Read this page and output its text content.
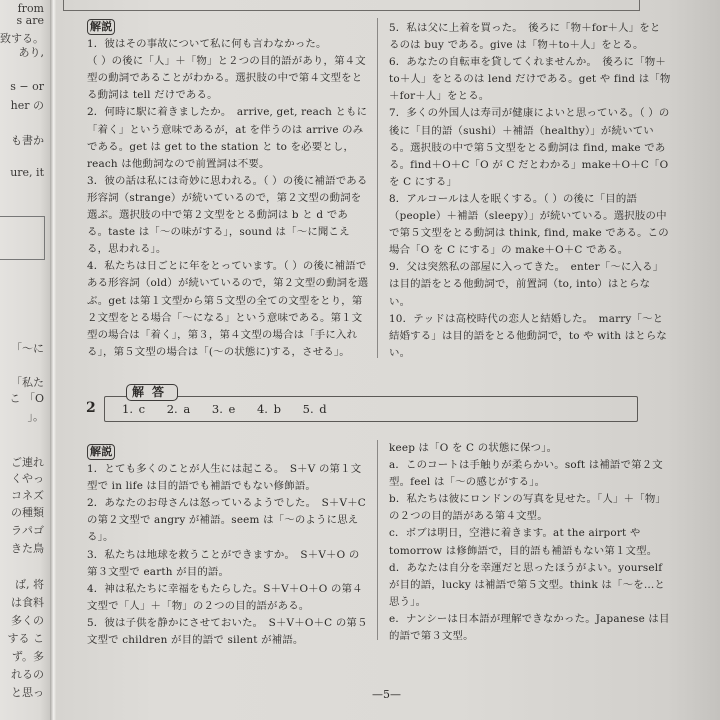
from
s are
致する。
あり,
s − or
her の
も書か
ure, it
「〜に
「私た
こ 「O
」。
ご連れ
くやっ
コネズ
の種類
ラパゴ
きた鳥
ば, 将
は食料
多くの
する こ
ず。多
れるの
と思っ
解説

1．彼はその事故について私に何も言わなかった。

（ ）の後に「人」＋「物」と２つの目的語があり，第４文型の動詞であることがわかる。選択肢の中で第４文型をとる動詞は tell だけである。

2．何時に駅に着きましたか。　arrive, get, reach ともに「着く」という意味であるが，at を伴うのは arrive のみである。get は get to the station と to を必要とし，reach は他動詞なので前置詞は不要。

3．彼の話は私には奇妙に思われる。（ ）の後に補語である形容詞（strange）が続いているので，第２文型の動詞を選ぶ。選択肢の中で第２文型をとる動詞は b と d である。taste は「〜の味がする」，sound は「〜に聞こえる，思われる」。

4．私たちは日ごとに年をとっています。（ ）の後に補語である形容詞（old）が続いているので，第２文型の動詞を選ぶ。get は第１文型から第５文型の全ての文型をとり，第２文型をとる場合「〜になる」という意味である。第１文型の場合は「着く」，第３，第４文型の場合は「手に入れる」，第５文型の場合は「(〜の状態に)する，させる」。

5．私は父に上着を買った。　後ろに「物＋for＋人」をとるのは buy である。give は「物＋to＋人」をとる。

6．あなたの自転車を貸してくれませんか。　後ろに「物＋to＋人」をとるのは lend だけである。get や find は「物＋for＋人」をとる。

7．多くの外国人は寿司が健康によいと思っている。（ ）の後に「目的語（sushi）＋補語（healthy）」が続いている。選択肢の中で第５文型をとる動詞は find, make である。find＋O＋C「O が C だとわかる」make＋O＋C「O を C にする」

8．アルコールは人を眠くする。（ ）の後に「目的語（people）＋補語（sleepy）」が続いている。選択肢の中で第５文型をとる動詞は think, find, make である。この場合「O を C にする」の make＋O＋C である。

9．父は突然私の部屋に入ってきた。　enter「〜に入る」は目的語をとる他動詞で，前置詞（to, into）はとらない。

10．テッドは高校時代の恋人と結婚した。　marry「〜と結婚する」は目的語をとる他動詞で，to や with はとらない。

2
解答
1. c 2. a 3. e 4. b 5. d
解説

1．とても多くのことが人生には起こる。　S＋V の第１文型で in life は目的語でも補語でもない修飾語。

2．あなたのお母さんは怒っているようでした。　S＋V＋C の第２文型で angry が補語。seem は「〜のように思える」。

3．私たちは地球を救うことができますか。　S＋V＋O の第３文型で earth が目的語。

4．神は私たちに幸福をもたらした。S＋V＋O＋O の第４文型で「人」＋「物」の２つの目的語がある。

5．彼は子供を静かにさせておいた。　S＋V＋O＋C の第５文型で children が目的語で silent が補語。

keep は「O を C の状態に保つ」。

a．このコートは手触りが柔らかい。soft は補語で第２文型。feel は「〜の感じがする」。

b．私たちは彼にロンドンの写真を見せた。「人」＋「物」の２つの目的語がある第４文型。

c．ボブは明日，空港に着きます。at the airport や tomorrow は修飾語で，目的語も補語もない第１文型。

d．あなたは自分を幸運だと思ったほうがよい。yourself が目的語，lucky は補語で第５文型。think は「〜を…と思う」。

e．ナンシーは日本語が理解できなかった。Japanese は目的語で第３文型。

—5—
